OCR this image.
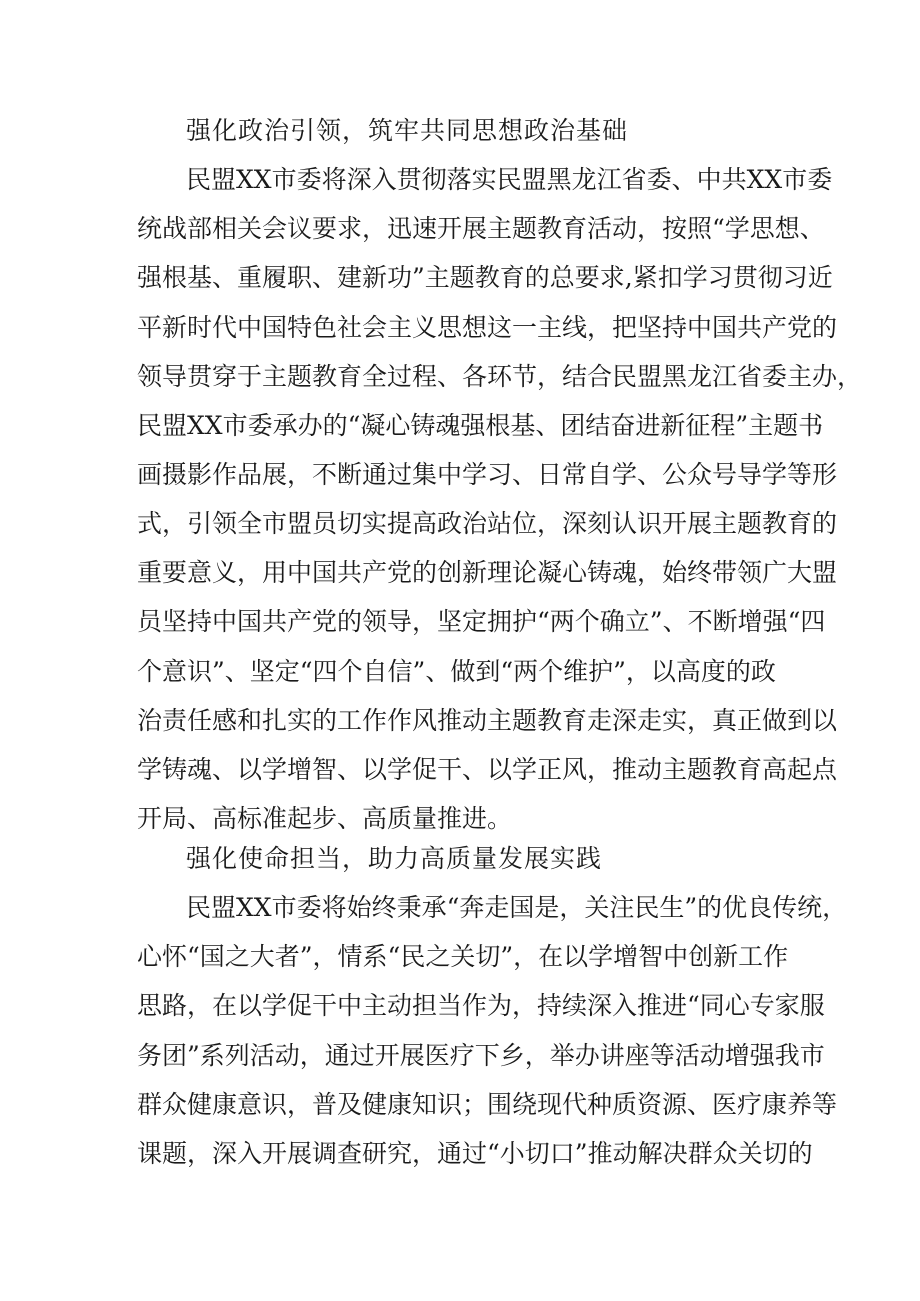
强化政治引领，筑牢共同思想政治基础
民盟XX市委将深入贯彻落实民盟黑龙江省委、中共XX市委
统战部相关会议要求，迅速开展主题教育活动，按照“学思想、
强根基、重履职、建新功”主题教育的总要求,紧扣学习贯彻习近
平新时代中国特色社会主义思想这一主线，把坚持中国共产党的
领导贯穿于主题教育全过程、各环节，结合民盟黑龙江省委主办，
民盟XX市委承办的“凝心铸魂强根基、团结奋进新征程”主题书
画摄影作品展，不断通过集中学习、日常自学、公众号导学等形
式，引领全市盟员切实提高政治站位，深刻认识开展主题教育的
重要意义，用中国共产党的创新理论凝心铸魂，始终带领广大盟
员坚持中国共产党的领导，坚定拥护“两个确立”、不断增强“四
个意识”、坚定“四个自信”、做到“两个维护”，以高度的政
治责任感和扎实的工作作风推动主题教育走深走实，真正做到以
学铸魂、以学增智、以学促干、以学正风，推动主题教育高起点
开局、高标准起步、高质量推进。
强化使命担当，助力高质量发展实践
民盟XX市委将始终秉承“奔走国是，关注民生”的优良传统，
心怀“国之大者”，情系“民之关切”，在以学增智中创新工作
思路，在以学促干中主动担当作为，持续深入推进“同心专家服
务团”系列活动，通过开展医疗下乡，举办讲座等活动增强我市
群众健康意识，普及健康知识；围绕现代种质资源、医疗康养等
课题，深入开展调查研究，通过“小切口”推动解决群众关切的
